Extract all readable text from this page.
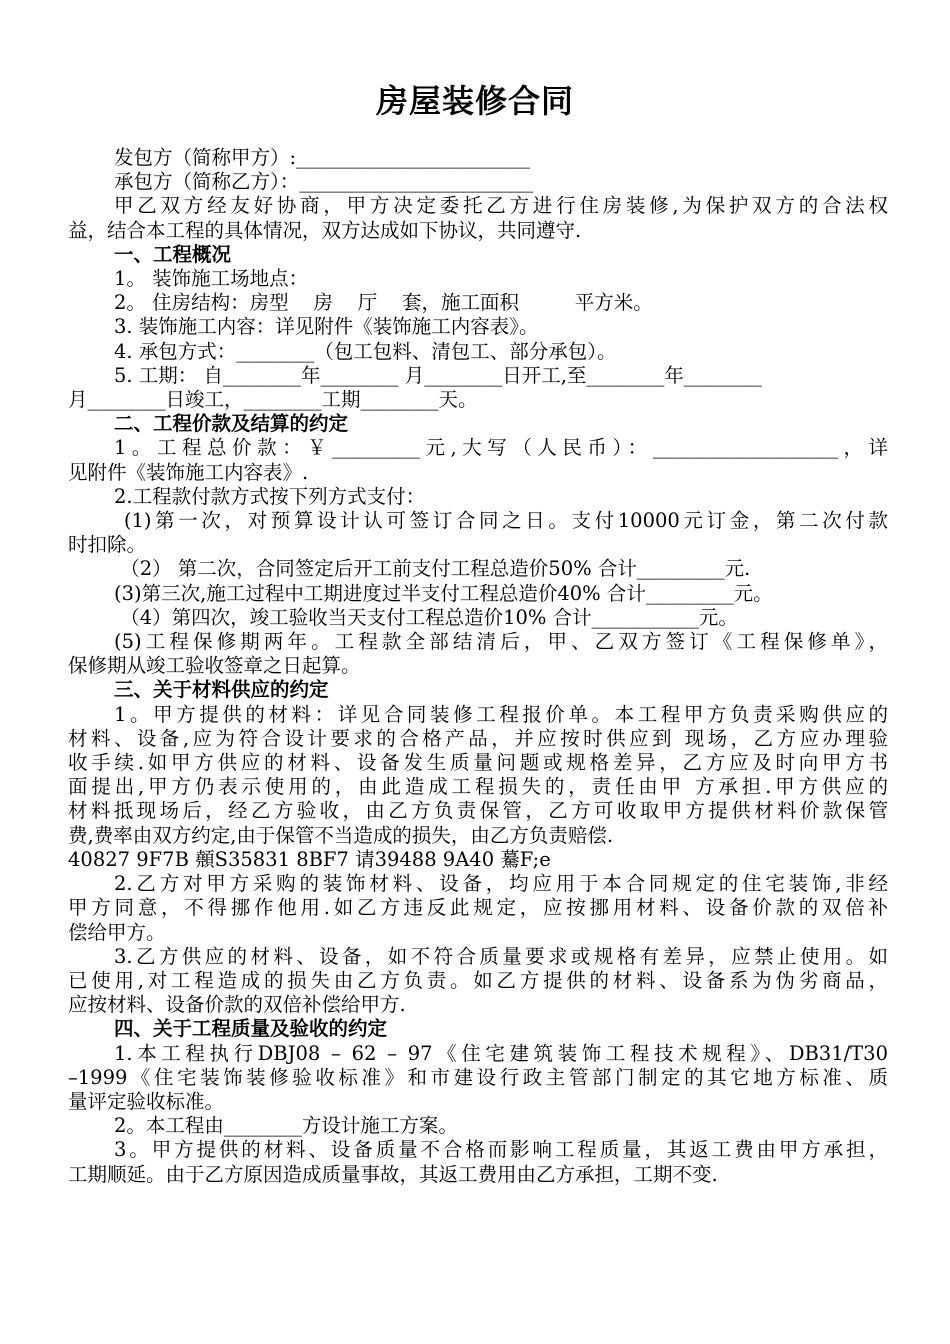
房屋装修合同

发包方（简称甲方）:________________________

承包方（简称乙方）：________________________

甲乙双方经友好协商，甲方决定委托乙方进行住房装修,为保护双方的合法权

益，结合本工程的具体情况，双方达成如下协议，共同遵守.

一、工程概况

1。 装饰施工场地点：

2。 住房结构：房型    房    厅    套，施工面积         平方米。

3. 装饰施工内容：详见附件《装饰施工内容表》。

4. 承包方式：________（包工包料、清包工、部分承包）。

5. 工期： 自________年________ 月________日开工,至________年________

月________日竣工，________工期________天。

二、工程价款及结算的约定

1。工程总价款：￥_________元,大写（人民币）：___________________，详

见附件《装饰施工内容表》.

2.工程款付款方式按下列方式支付：

(1)第一次，对预算设计认可签订合同之日。支付10000元订金，第二次付款

时扣除。

（2） 第二次，合同签定后开工前支付工程总造价50% 合计_________元.

(3)第三次,施工过程中工期进度过半支付工程总造价40% 合计_________元。

（4）第四次，竣工验收当天支付工程总造价10% 合计___________元。

(5)工程保修期两年。工程款全部结清后，甲、乙双方签订《工程保修单》，

保修期从竣工验收签章之日起算。

三、关于材料供应的约定

1。甲方提供的材料：详见合同装修工程报价单。本工程甲方负责采购供应的

材料、设备,应为符合设计要求的合格产品，并应按时供应到 现场，乙方应办理验

收手续.如甲方供应的材料、设备发生质量问题或规格差异，乙方应及时向甲方书

面提出,甲方仍表示使用的，由此造成工程损失的，责任由甲 方承担.甲方供应的

材料抵现场后，经乙方验收，由乙方负责保管，乙方可收取甲方提供材料价款保管

费,费率由双方约定,由于保管不当造成的损失，由乙方负责赔偿.

40827 9F7B 顤S35831 8BF7 请39488 9A40 驀F;e

2.乙方对甲方采购的装饰材料、设备，均应用于本合同规定的住宅装饰,非经

甲方同意，不得挪作他用.如乙方违反此规定，应按挪用材料、设备价款的双倍补

偿给甲方。

3.乙方供应的材料、设备，如不符合质量要求或规格有差异，应禁止使用。如

已使用,对工程造成的损失由乙方负责。如乙方提供的材料、设备系为伪劣商品，

应按材料、设备价款的双倍补偿给甲方.

四、关于工程质量及验收的约定

1.本工程执行DBJ08 – 62 – 97《住宅建筑装饰工程技术规程》、DB31/T30

–1999《住宅装饰装修验收标准》和市建设行政主管部门制定的其它地方标准、质

量评定验收标准。

2。本工程由________方设计施工方案。

3。甲方提供的材料、设备质量不合格而影响工程质量，其返工费由甲方承担，

工期顺延。由于乙方原因造成质量事故，其返工费用由乙方承担，工期不变.
